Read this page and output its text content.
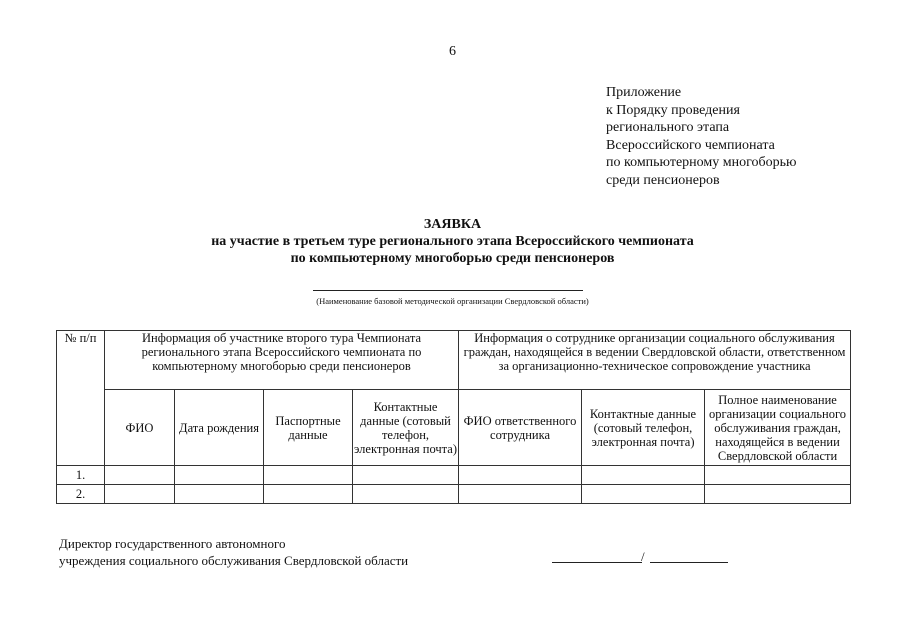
6
Приложение
к Порядку проведения
регионального этапа
Всероссийского чемпионата
по компьютерному многоборью
среди пенсионеров
ЗАЯВКА
на участие в третьем туре регионального этапа Всероссийского чемпионата
по компьютерному многоборью среди пенсионеров
(Наименование базовой методической организации Свердловской области)
№ п/п	Информация об участнике второго тура Чемпионата регионального этапа Всероссийского чемпионата по компьютерному многоборью среди пенсионеров				Информация о сотруднике организации социального обслуживания граждан, находящейся в ведении Свердловской области, ответственном за организационно-техническое сопровождение участника		
	ФИО	Дата рождения	Паспортные данные	Контактные данные (сотовый телефон, электронная почта)	ФИО ответственного сотрудника	Контактные данные (сотовый телефон, электронная почта)	Полное наименование организации социального обслуживания граждан, находящейся в ведении Свердловской области
1.							
2.							
Директор государственного автономного
учреждения социального обслуживания Свердловской области	/
